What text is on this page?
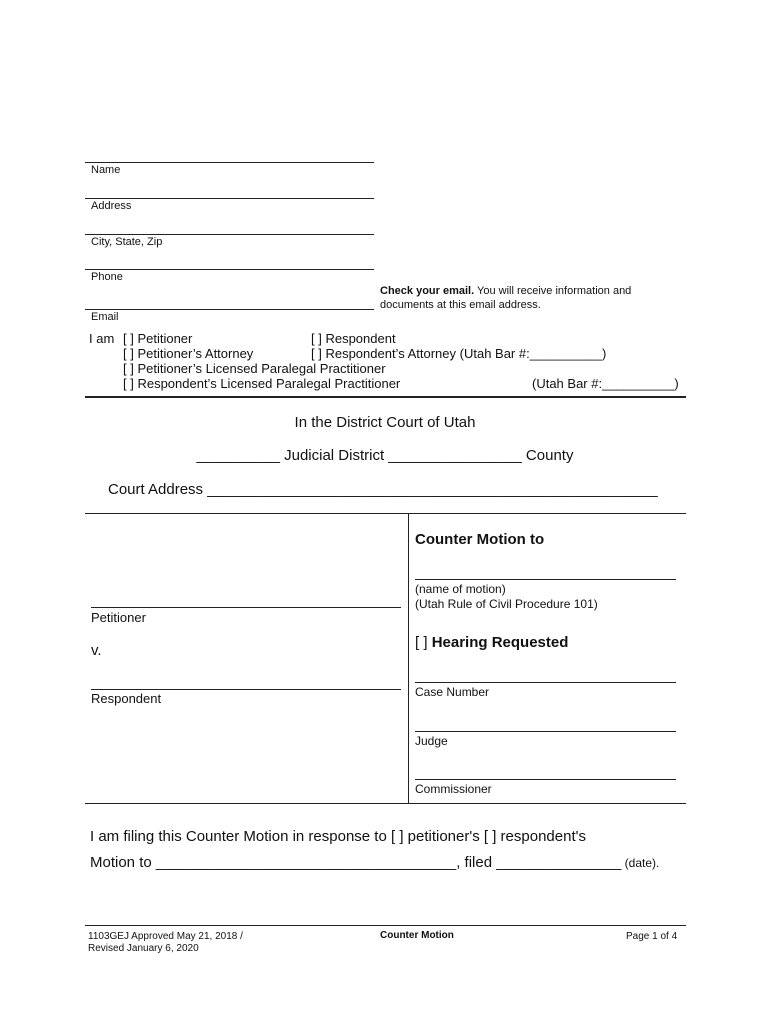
Name
Address
City, State, Zip
Phone
Email
Check your email. You will receive information and
documents at this email address.
I am [ ] Petitioner	[ ] Respondent
[ ] Petitioner’s Attorney	[ ] Respondent’s Attorney (Utah Bar #:__________)
[ ] Petitioner’s Licensed Paralegal Practitioner
[ ] Respondent’s Licensed Paralegal Practitioner	(Utah Bar #:__________)
In the District Court of Utah
__________ Judicial District ________________ County
Court Address ______________________________________________________
Petitioner
v.
Respondent
Counter Motion to
(name of motion)
(Utah Rule of Civil Procedure 101)
[ ] Hearing Requested
Case Number
Judge
Commissioner
I am filing this Counter Motion in response to [ ] petitioner's [ ] respondent's
Motion to ____________________________________, filed _______________ (date).
1103GEJ Approved May 21, 2018 /
Revised January 6, 2020
Counter Motion	Page 1 of 4
